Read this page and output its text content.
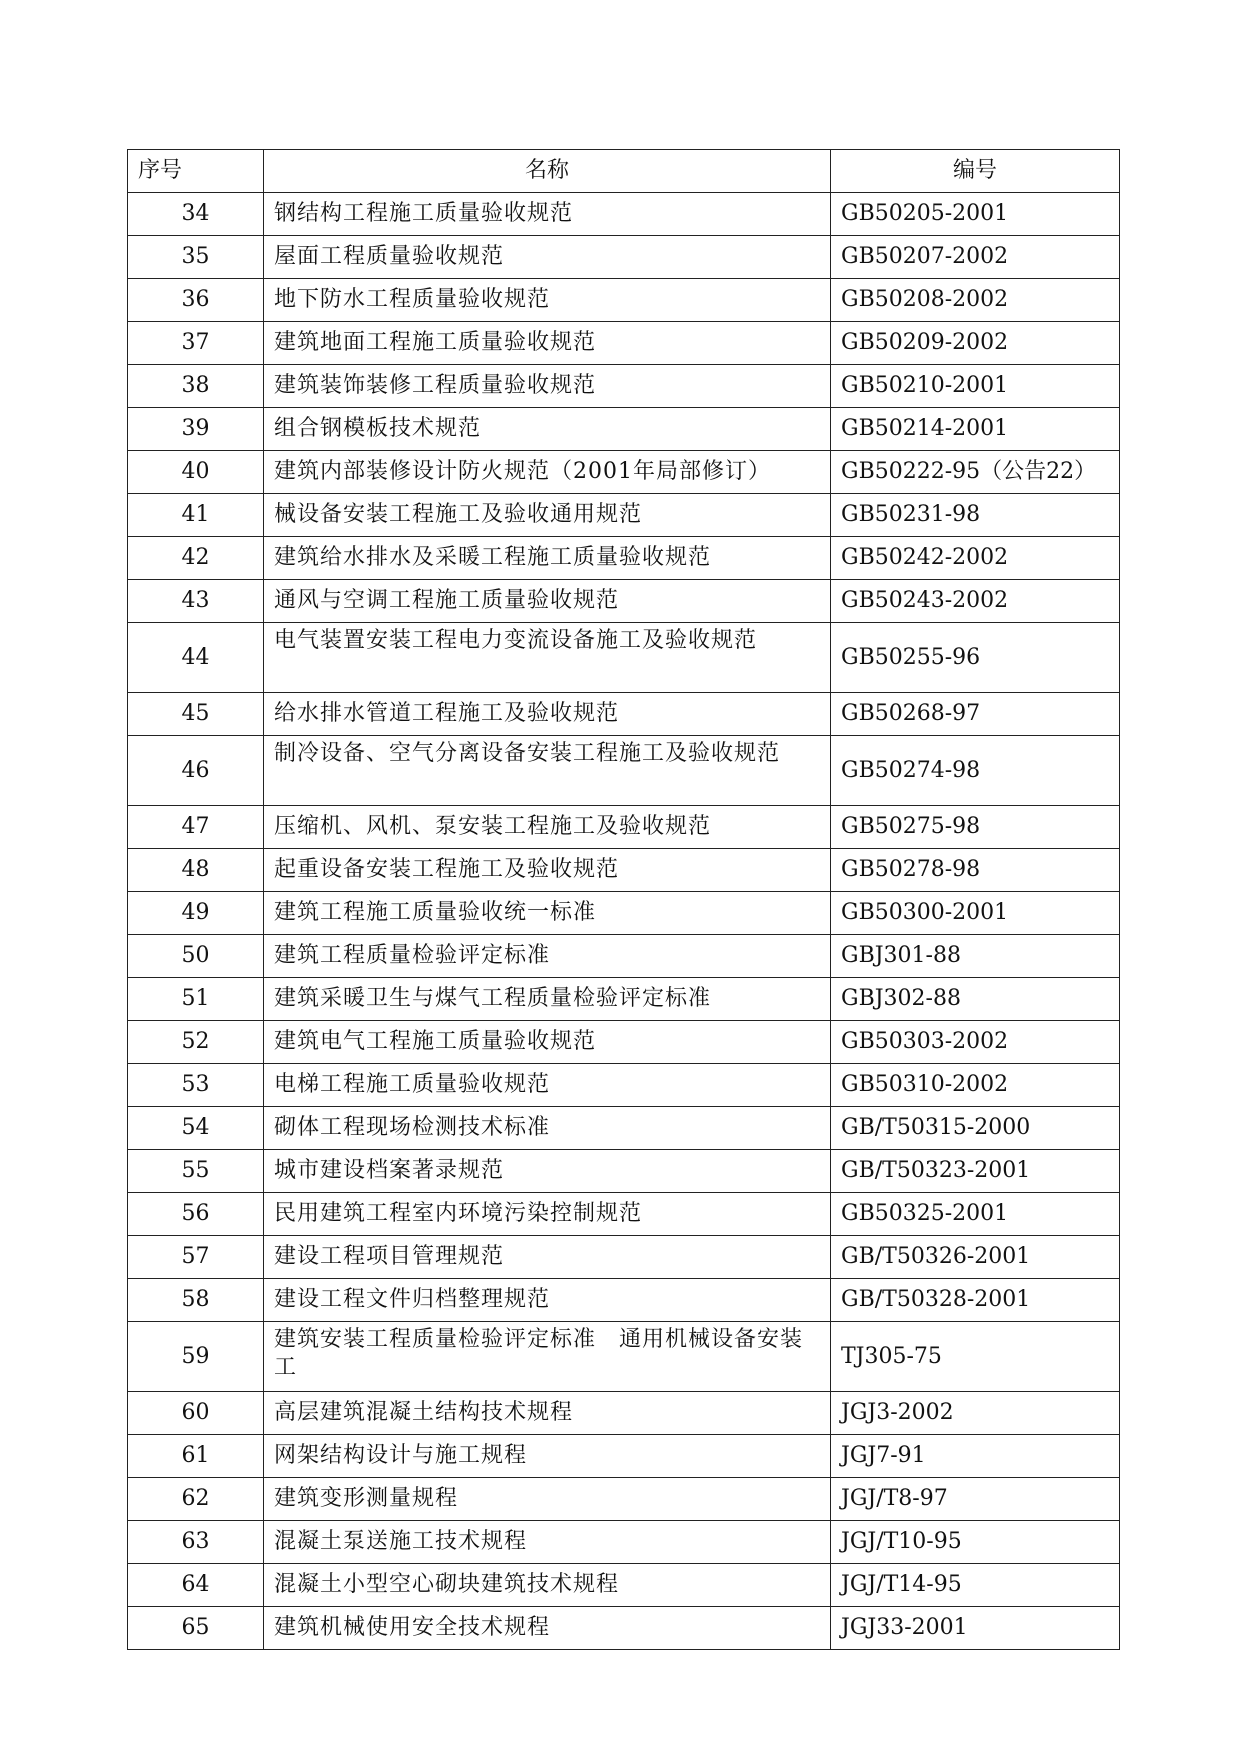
序号	名称	编号
34	钢结构工程施工质量验收规范	GB50205-2001
35	屋面工程质量验收规范	GB50207-2002
36	地下防水工程质量验收规范	GB50208-2002
37	建筑地面工程施工质量验收规范	GB50209-2002
38	建筑装饰装修工程质量验收规范	GB50210-2001
39	组合钢模板技术规范	GB50214-2001
40	建筑内部装修设计防火规范（2001年局部修订）	GB50222-95（公告22）
41	械设备安装工程施工及验收通用规范	GB50231-98
42	建筑给水排水及采暖工程施工质量验收规范	GB50242-2002
43	通风与空调工程施工质量验收规范	GB50243-2002
44	电气装置安装工程电力变流设备施工及验收规范	GB50255-96
45	给水排水管道工程施工及验收规范	GB50268-97
46	制冷设备、空气分离设备安装工程施工及验收规范	GB50274-98
47	压缩机、风机、泵安装工程施工及验收规范	GB50275-98
48	起重设备安装工程施工及验收规范	GB50278-98
49	建筑工程施工质量验收统一标准	GB50300-2001
50	建筑工程质量检验评定标准	GBJ301-88
51	建筑采暖卫生与煤气工程质量检验评定标准	GBJ302-88
52	建筑电气工程施工质量验收规范	GB50303-2002
53	电梯工程施工质量验收规范	GB50310-2002
54	砌体工程现场检测技术标准	GB/T50315-2000
55	城市建设档案著录规范	GB/T50323-2001
56	民用建筑工程室内环境污染控制规范	GB50325-2001
57	建设工程项目管理规范	GB/T50326-2001
58	建设工程文件归档整理规范	GB/T50328-2001
59	建筑安装工程质量检验评定标准　通用机械设备安装工	TJ305-75
60	高层建筑混凝土结构技术规程	JGJ3-2002
61	网架结构设计与施工规程	JGJ7-91
62	建筑变形测量规程	JGJ/T8-97
63	混凝土泵送施工技术规程	JGJ/T10-95
64	混凝土小型空心砌块建筑技术规程	JGJ/T14-95
65	建筑机械使用安全技术规程	JGJ33-2001
